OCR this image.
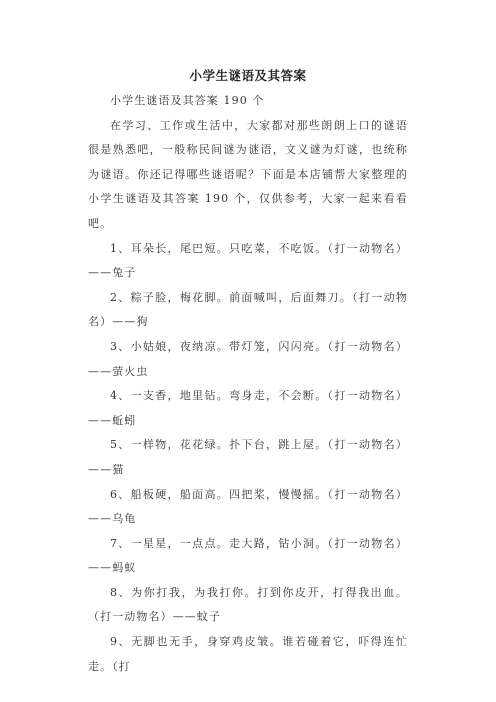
小学生谜语及其答案

小学生谜语及其答案 190 个

在学习、工作或生活中，大家都对那些朗朗上口的谜语很是熟悉吧，一般称民间谜为谜语，文义谜为灯谜，也统称为谜语。你还记得哪些谜语呢？下面是本店铺帮大家整理的小学生谜语及其答案 190 个，仅供参考，大家一起来看看吧。

1、耳朵长，尾巴短。只吃菜，不吃饭。（打一动物名）——兔子

2、粽子脸，梅花脚。前面喊叫，后面舞刀。（打一动物名）——狗

3、小姑娘，夜纳凉。带灯笼，闪闪亮。（打一动物名）——萤火虫

4、一支香，地里钻。弯身走，不会断。（打一动物名）——蚯蚓

5、一样物，花花绿。扑下台，跳上屋。（打一动物名）——猫

6、船板硬，船面高。四把桨，慢慢摇。（打一动物名）——乌龟

7、一星星，一点点。走大路，钻小洞。（打一动物名）——蚂蚁

8、为你打我，为我打你。打到你皮开，打得我出血。（打一动物名）——蚊子

9、无脚也无手，身穿鸡皮皱。谁若碰着它，吓得连忙走。（打
